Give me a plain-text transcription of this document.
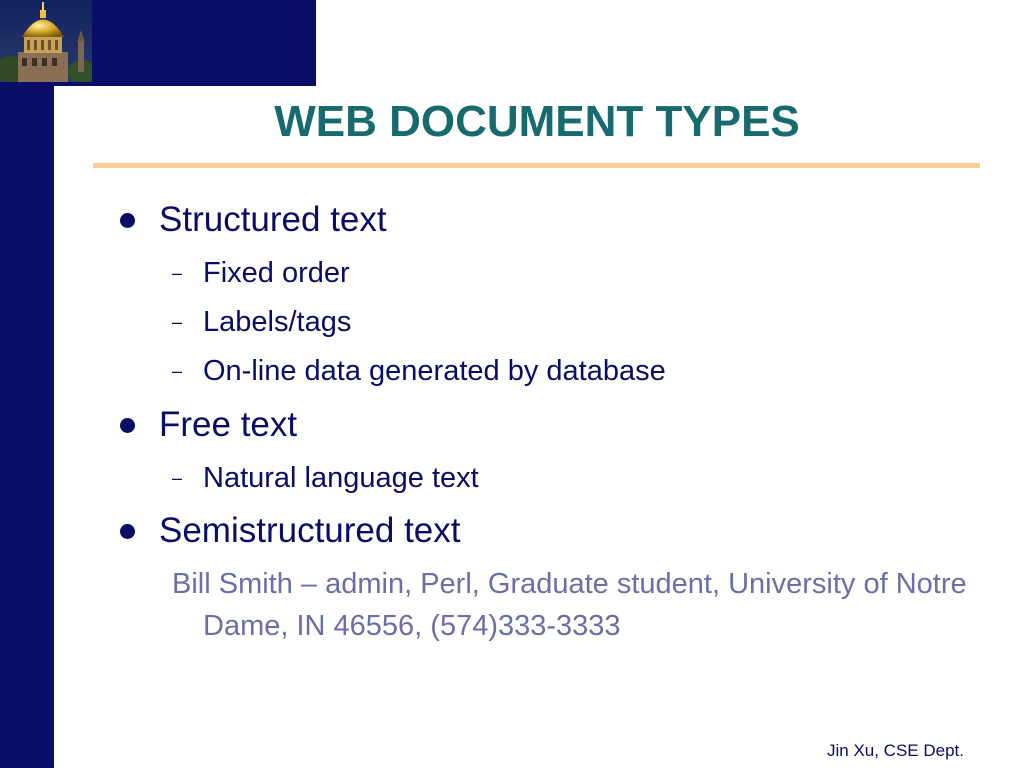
WEB DOCUMENT TYPES
Structured text
– Fixed order
– Labels/tags
– On-line data generated by database
Free text
– Natural language text
Semistructured text
Bill Smith – admin, Perl, Graduate student, University of Notre Dame, IN 46556, (574)333-3333
Jin Xu, CSE Dept.
